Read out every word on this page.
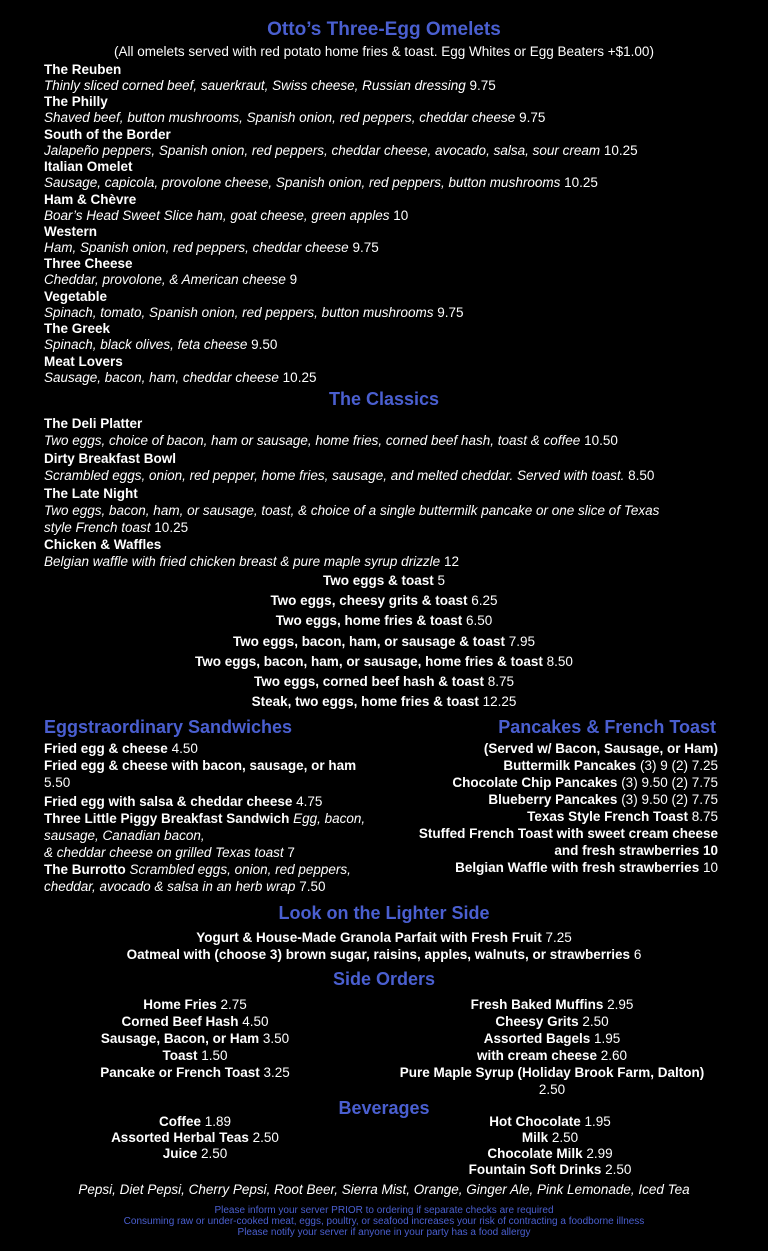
Otto’s Three-Egg Omelets
(All omelets served with red potato home fries & toast. Egg Whites or Egg Beaters +$1.00)
The Reuben
Thinly sliced corned beef, sauerkraut, Swiss cheese, Russian dressing 9.75
The Philly
Shaved beef, button mushrooms, Spanish onion, red peppers, cheddar cheese 9.75
South of the Border
Jalapeño peppers, Spanish onion, red peppers, cheddar cheese, avocado, salsa, sour cream 10.25
Italian Omelet
Sausage, capicola, provolone cheese, Spanish onion, red peppers, button mushrooms 10.25
Ham & Chèvre
Boar’s Head Sweet Slice ham, goat cheese, green apples 10
Western
Ham, Spanish onion, red peppers, cheddar cheese 9.75
Three Cheese
Cheddar, provolone, & American cheese 9
Vegetable
Spinach, tomato, Spanish onion, red peppers, button mushrooms 9.75
The Greek
Spinach, black olives, feta cheese 9.50
Meat Lovers
Sausage, bacon, ham, cheddar cheese 10.25
The Classics
The Deli Platter
Two eggs, choice of bacon, ham or sausage, home fries, corned beef hash, toast & coffee 10.50
Dirty Breakfast Bowl
Scrambled eggs, onion, red pepper, home fries, sausage, and melted cheddar. Served with toast. 8.50
The Late Night
Two eggs, bacon, ham, or sausage, toast, & choice of a single buttermilk pancake or one slice of Texas
style French toast 10.25
Chicken & Waffles
Belgian waffle with fried chicken breast & pure maple syrup drizzle 12
Two eggs & toast 5
Two eggs, cheesy grits & toast 6.25
Two eggs, home fries & toast 6.50
Two eggs, bacon, ham, or sausage & toast 7.95
Two eggs, bacon, ham, or sausage, home fries & toast 8.50
Two eggs, corned beef hash & toast 8.75
Steak, two eggs, home fries & toast 12.25
Eggstraordinary Sandwiches
Fried egg & cheese 4.50
Fried egg & cheese with bacon, sausage, or ham
5.50
Fried egg with salsa & cheddar cheese 4.75
Three Little Piggy Breakfast Sandwich Egg, bacon,
sausage, Canadian bacon,
& cheddar cheese on grilled Texas toast 7
The Burrotto Scrambled eggs, onion, red peppers,
cheddar, avocado & salsa in an herb wrap 7.50
Pancakes & French Toast
(Served w/ Bacon, Sausage, or Ham)
Buttermilk Pancakes (3) 9 (2) 7.25
Chocolate Chip Pancakes (3) 9.50 (2) 7.75
Blueberry Pancakes (3) 9.50 (2) 7.75
Texas Style French Toast 8.75
Stuffed French Toast with sweet cream cheese
and fresh strawberries 10
Belgian Waffle with fresh strawberries 10
Look on the Lighter Side
Yogurt & House-Made Granola Parfait with Fresh Fruit 7.25
Oatmeal with (choose 3) brown sugar, raisins, apples, walnuts, or strawberries 6
Side Orders
Home Fries 2.75
Corned Beef Hash 4.50
Sausage, Bacon, or Ham 3.50
Toast 1.50
Pancake or French Toast 3.25
Fresh Baked Muffins 2.95
Cheesy Grits 2.50
Assorted Bagels 1.95
with cream cheese 2.60
Pure Maple Syrup (Holiday Brook Farm, Dalton)
2.50
Beverages
Coffee 1.89
Assorted Herbal Teas 2.50
Juice 2.50
Hot Chocolate 1.95
Milk 2.50
Chocolate Milk 2.99
Fountain Soft Drinks 2.50
Pepsi, Diet Pepsi, Cherry Pepsi, Root Beer, Sierra Mist, Orange, Ginger Ale, Pink Lemonade, Iced Tea
Please inform your server PRIOR to ordering if separate checks are required
Consuming raw or under-cooked meat, eggs, poultry, or seafood increases your risk of contracting a foodborne illness
Please notify your server if anyone in your party has a food allergy
